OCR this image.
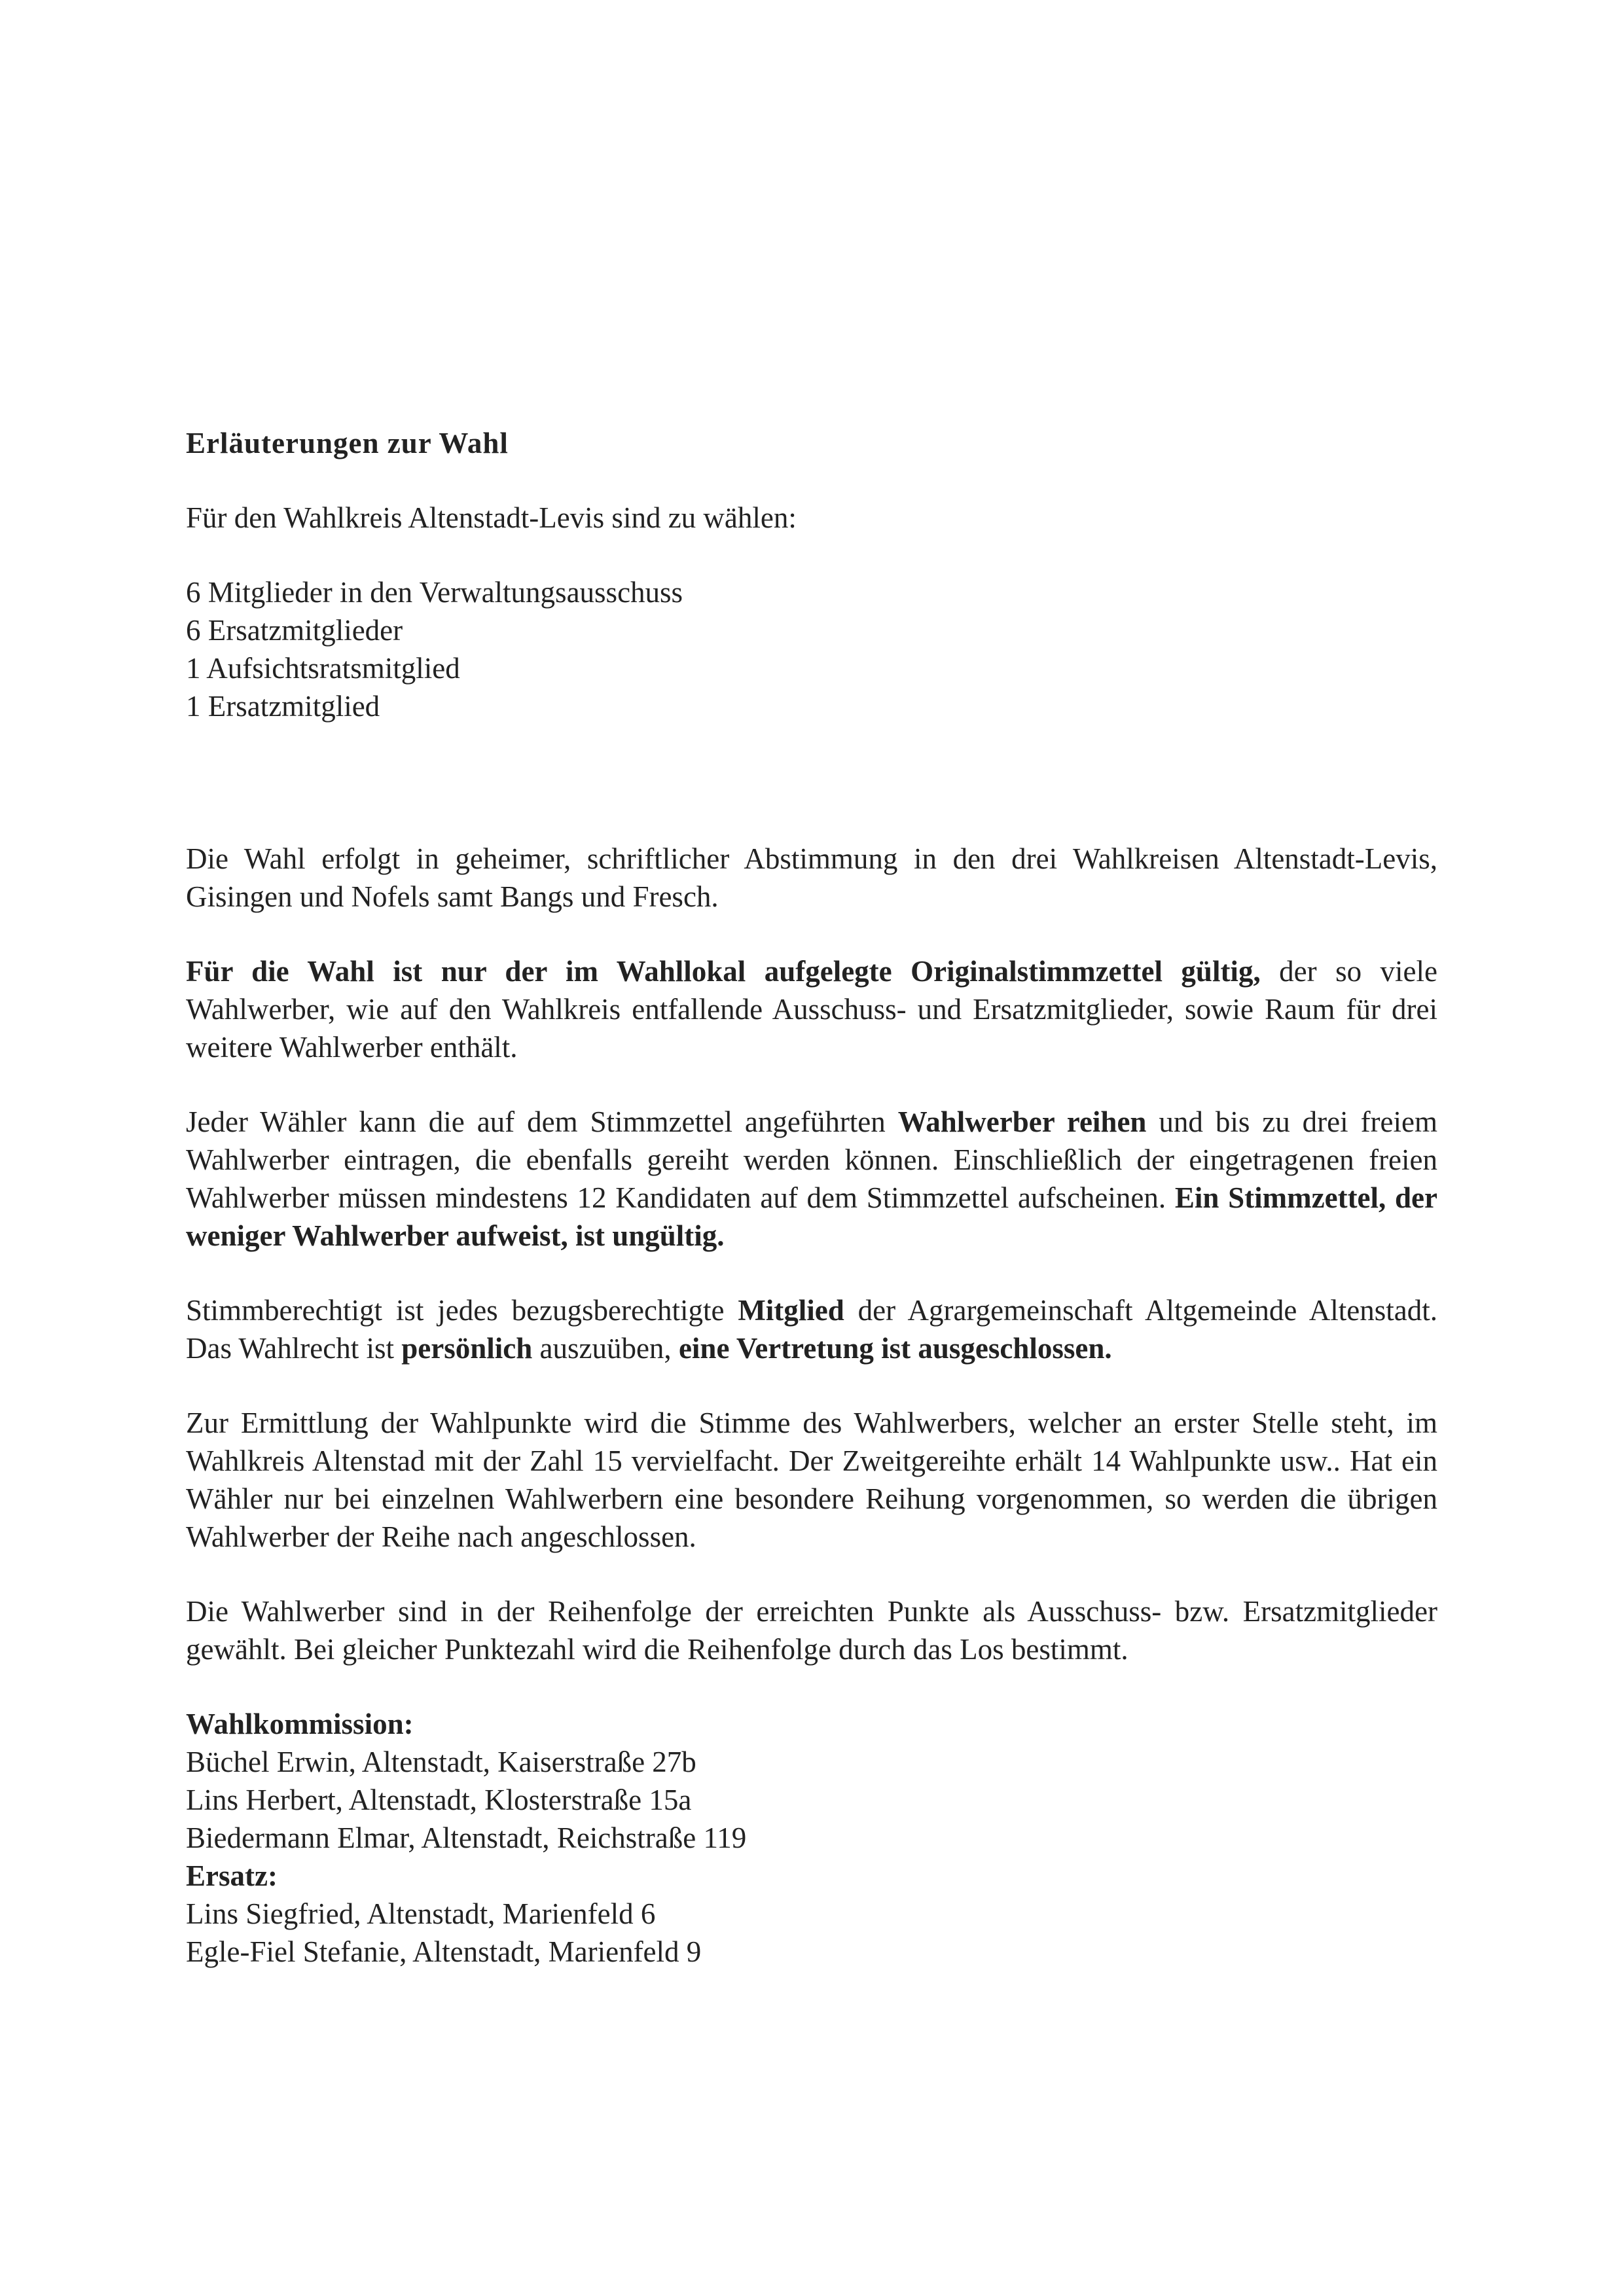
Erläuterungen zur Wahl

Für den Wahlkreis Altenstadt-Levis sind zu wählen:

6 Mitglieder in den Verwaltungsausschuss
6 Ersatzmitglieder
1 Aufsichtsratsmitglied
1 Ersatzmitglied

Die Wahl erfolgt in geheimer, schriftlicher Abstimmung in den drei Wahlkreisen Altenstadt-Levis, Gisingen und Nofels samt Bangs und Fresch.

Für die Wahl ist nur der im Wahllokal aufgelegte Originalstimmzettel gültig, der so viele Wahlwerber, wie auf den Wahlkreis entfallende Ausschuss- und Ersatzmitglieder, sowie Raum für drei weitere Wahlwerber enthält.

Jeder Wähler kann die auf dem Stimmzettel angeführten Wahlwerber reihen und bis zu drei freiem Wahlwerber eintragen, die ebenfalls gereiht werden können. Einschließlich der eingetragenen freien Wahlwerber müssen mindestens 12 Kandidaten auf dem Stimmzettel aufscheinen. Ein Stimmzettel, der weniger Wahlwerber aufweist, ist ungültig.

Stimmberechtigt ist jedes bezugsberechtigte Mitglied der Agrargemeinschaft Altgemeinde Altenstadt. Das Wahlrecht ist persönlich auszuüben, eine Vertretung ist ausgeschlossen.

Zur Ermittlung der Wahlpunkte wird die Stimme des Wahlwerbers, welcher an erster Stelle steht, im Wahlkreis Altenstad mit der Zahl 15 vervielfacht. Der Zweitgereihte erhält 14 Wahlpunkte usw.. Hat ein Wähler nur bei einzelnen Wahlwerbern eine besondere Reihung vorgenommen, so werden die übrigen Wahlwerber der Reihe nach angeschlossen.

Die Wahlwerber sind in der Reihenfolge der erreichten Punkte als Ausschuss- bzw. Ersatzmitglieder gewählt. Bei gleicher Punktezahl wird die Reihenfolge durch das Los bestimmt.

Wahlkommission:
Büchel Erwin, Altenstadt, Kaiserstraße 27b
Lins Herbert, Altenstadt, Klosterstraße 15a
Biedermann Elmar, Altenstadt, Reichstraße 119
Ersatz:
Lins Siegfried, Altenstadt, Marienfeld 6
Egle-Fiel Stefanie, Altenstadt, Marienfeld 9
